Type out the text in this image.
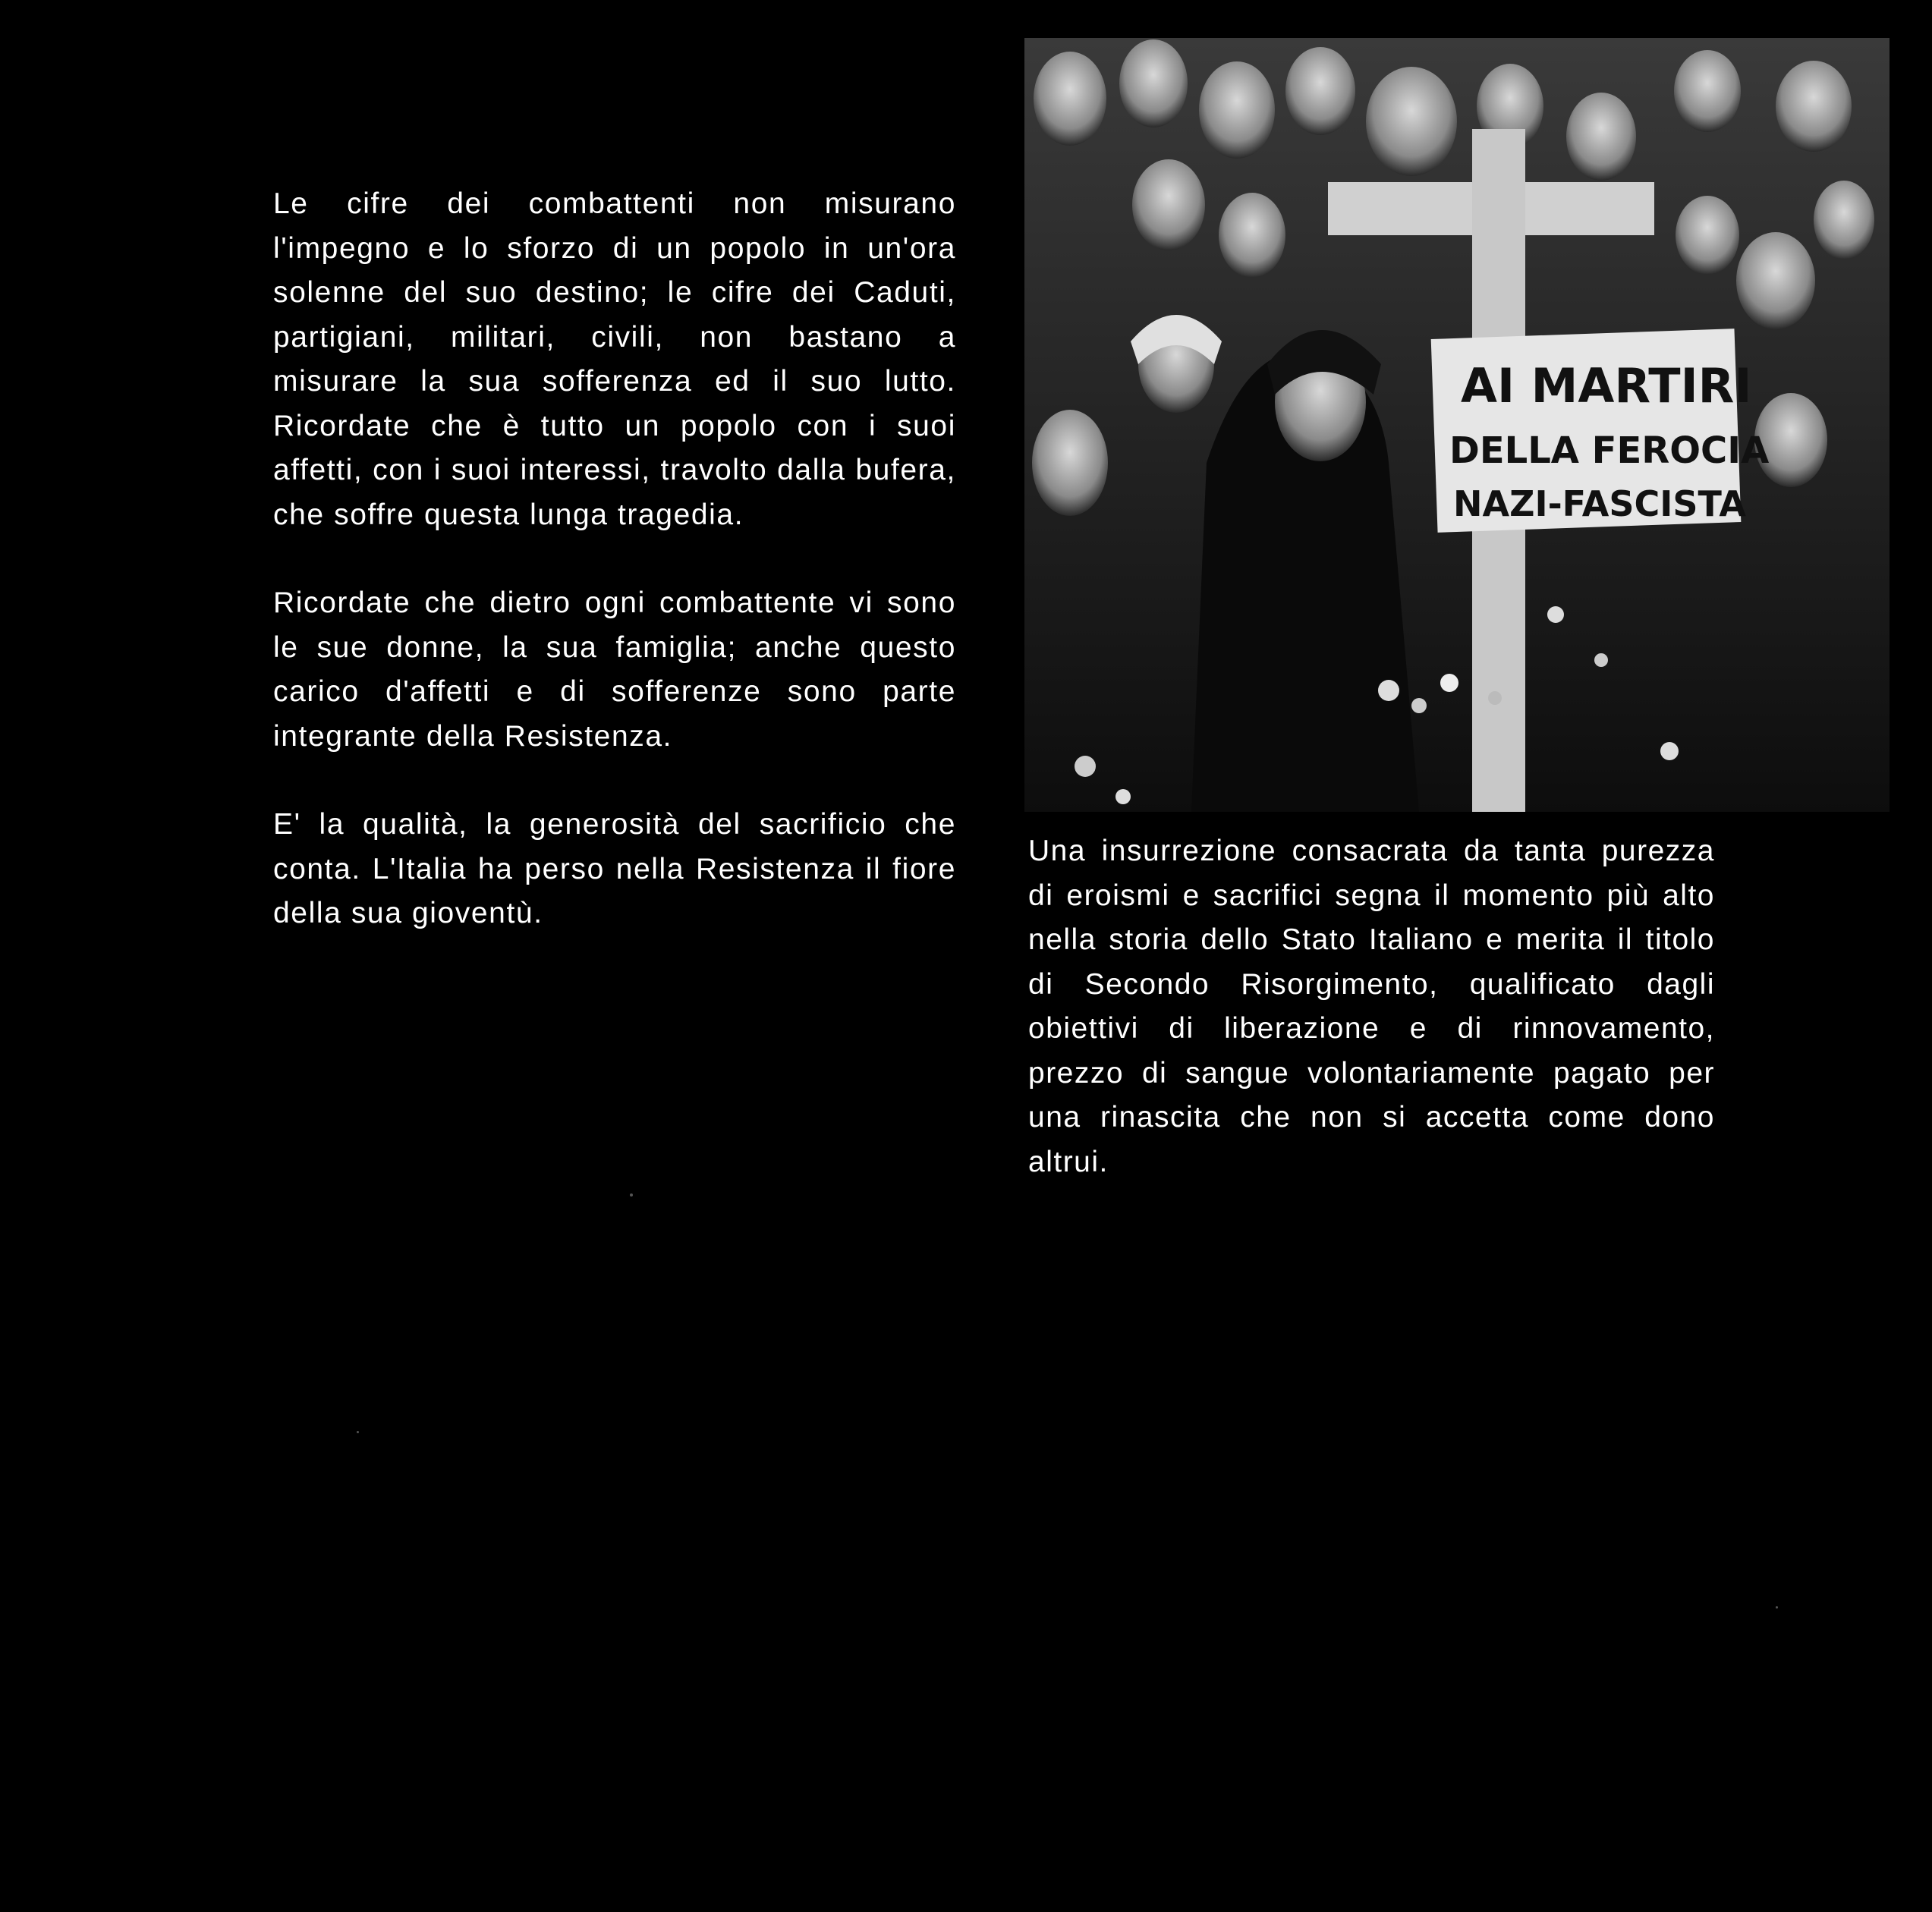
Le cifre dei combattenti non misurano l'impegno e lo sforzo di un popolo in un'ora solenne del suo destino; le cifre dei Caduti, partigiani, militari, civili, non bastano a misurare la sua sofferenza ed il suo lutto. Ricordate che è tutto un popolo con i suoi affetti, con i suoi interessi, travolto dalla bufera, che soffre questa lunga tragedia.

Ricordate che dietro ogni combattente vi sono le sue donne, la sua famiglia; anche questo carico d'affetti e di sofferenze sono parte integrante della Resistenza.

E' la qualità, la generosità del sacrificio che conta. L'Italia ha perso nella Resistenza il fiore della sua gioventù.

AI MARTIRI
DELLA FEROCIA
NAZI-FASCISTA

Una insurrezione consacrata da tanta purezza di eroismi e sacrifici segna il momento più alto nella storia dello Stato Italiano e merita il titolo di Secondo Risorgimento, qualificato dagli obiettivi di liberazione e di rinnovamento, prezzo di sangue volontariamente pagato per una rinascita che non si accetta come dono altrui.
